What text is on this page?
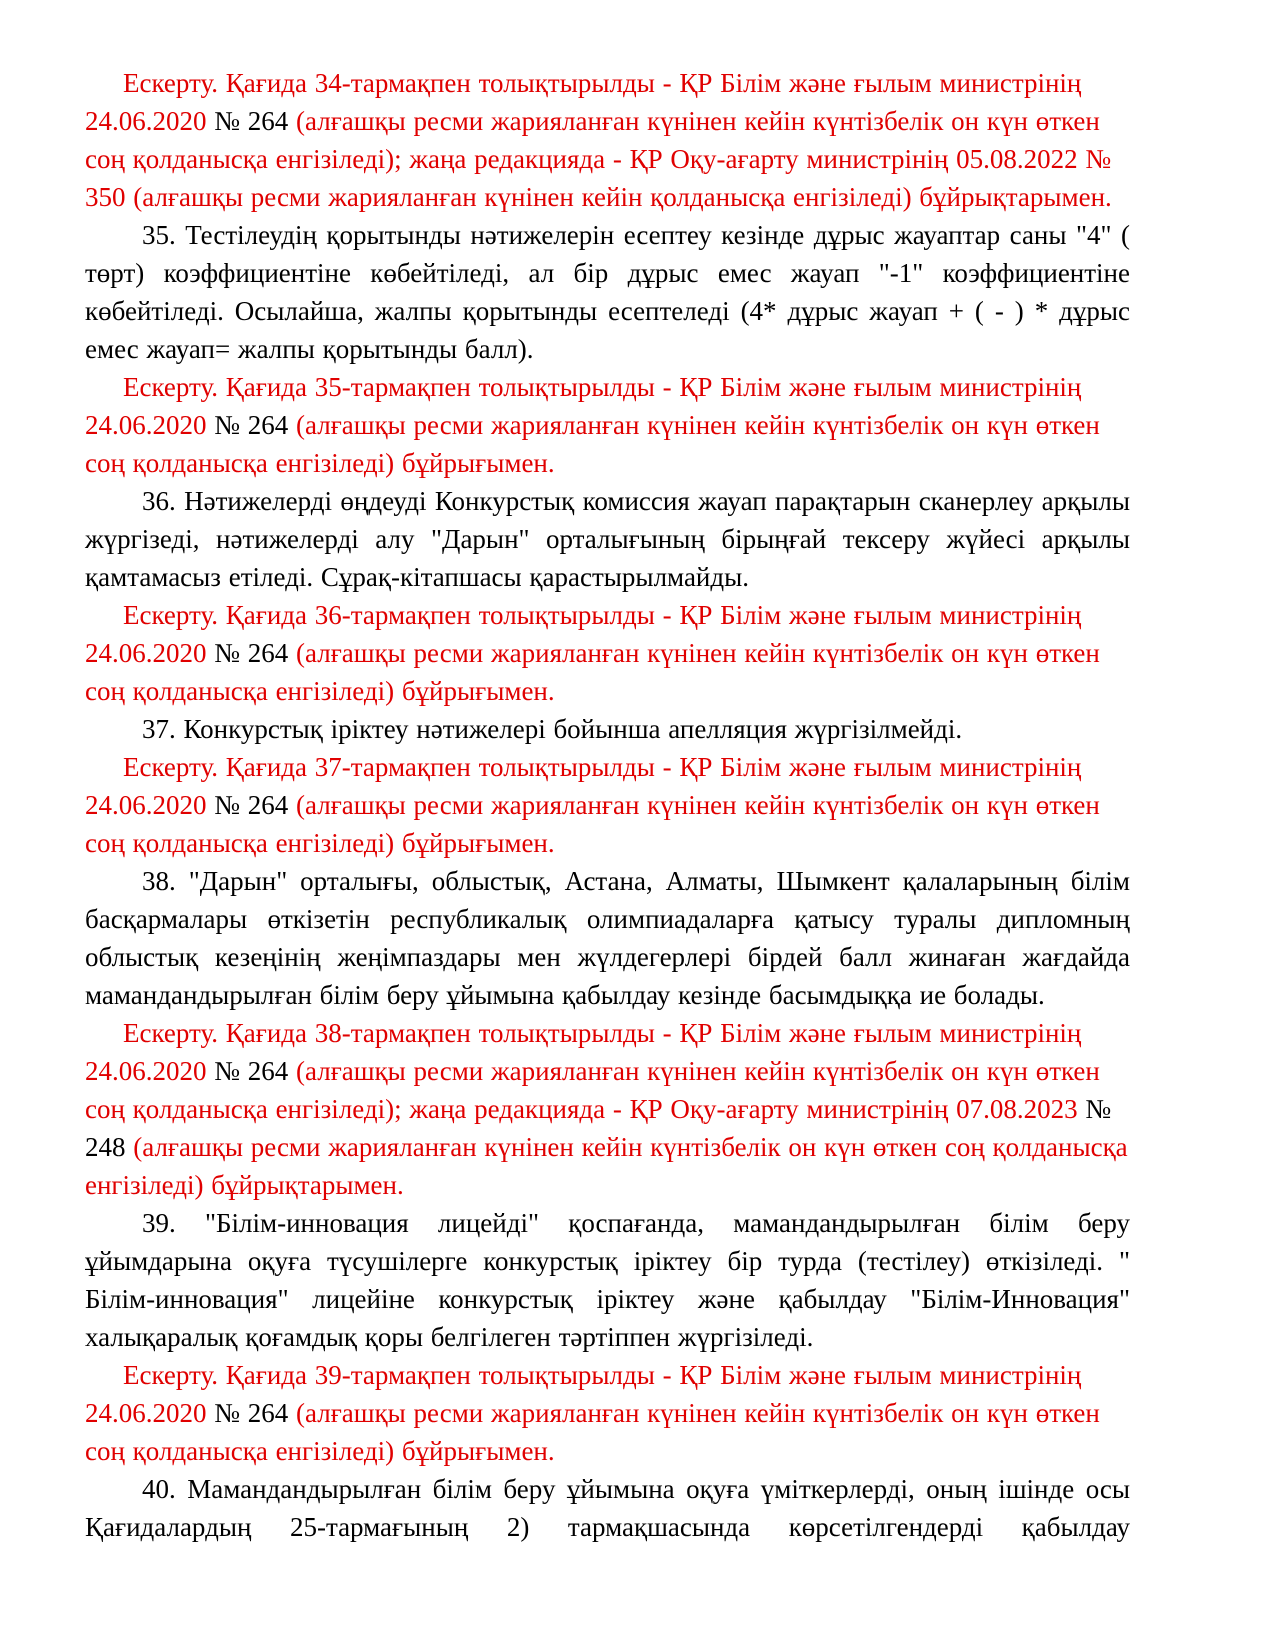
Ескерту. Қағида 34-тармақпен толықтырылды - ҚР Білім және ғылым министрінің 24.06.2020 № 264 (алғашқы ресми жарияланған күнінен кейін күнтізбелік он күн өткен соң қолданысқа енгізіледі); жаңа редакцияда - ҚР Оқу-ағарту министрінің 05.08.2022 № 350 (алғашқы ресми жарияланған күнінен кейін қолданысқа енгізіледі) бұйрықтарымен.

35. Тестілеудің қорытынды нәтижелерін есептеу кезінде дұрыс жауаптар саны "4" ( төрт) коэффициентіне көбейтіледі, ал бір дұрыс емес жауап "-1" коэффициентіне көбейтіледі. Осылайша, жалпы қорытынды есептеледі (4* дұрыс жауап + ( - ) * дұрыс емес жауап= жалпы қорытынды балл).

Ескерту. Қағида 35-тармақпен толықтырылды - ҚР Білім және ғылым министрінің 24.06.2020 № 264 (алғашқы ресми жарияланған күнінен кейін күнтізбелік он күн өткен соң қолданысқа енгізіледі) бұйрығымен.

36. Нәтижелерді өңдеуді Конкурстық комиссия жауап парақтарын сканерлеу арқылы жүргізеді, нәтижелерді алу "Дарын" орталығының бірыңғай тексеру жүйесі арқылы қамтамасыз етіледі. Сұрақ-кітапшасы қарастырылмайды.

Ескерту. Қағида 36-тармақпен толықтырылды - ҚР Білім және ғылым министрінің 24.06.2020 № 264 (алғашқы ресми жарияланған күнінен кейін күнтізбелік он күн өткен соң қолданысқа енгізіледі) бұйрығымен.

37. Конкурстық іріктеу нәтижелері бойынша апелляция жүргізілмейді.

Ескерту. Қағида 37-тармақпен толықтырылды - ҚР Білім және ғылым министрінің 24.06.2020 № 264 (алғашқы ресми жарияланған күнінен кейін күнтізбелік он күн өткен соң қолданысқа енгізіледі) бұйрығымен.

38. "Дарын" орталығы, облыстық, Астана, Алматы, Шымкент қалаларының білім басқармалары өткізетін республикалық олимпиадаларға қатысу туралы дипломның облыстық кезеңінің жеңімпаздары мен жүлдегерлері бірдей балл жинаған жағдайда мамандандырылған білім беру ұйымына қабылдау кезінде басымдыққа ие болады.

Ескерту. Қағида 38-тармақпен толықтырылды - ҚР Білім және ғылым министрінің 24.06.2020 № 264 (алғашқы ресми жарияланған күнінен кейін күнтізбелік он күн өткен соң қолданысқа енгізіледі); жаңа редакцияда - ҚР Оқу-ағарту министрінің 07.08.2023 № 248 (алғашқы ресми жарияланған күнінен кейін күнтізбелік он күн өткен соң қолданысқа енгізіледі) бұйрықтарымен.

39. "Білім-инновация лицейді" қоспағанда, мамандандырылған білім беру ұйымдарына оқуға түсушілерге конкурстық іріктеу бір турда (тестілеу) өткізіледі. " Білім-инновация" лицейіне конкурстық іріктеу және қабылдау "Білім-Инновация" халықаралық қоғамдық қоры белгілеген тәртіппен жүргізіледі.

Ескерту. Қағида 39-тармақпен толықтырылды - ҚР Білім және ғылым министрінің 24.06.2020 № 264 (алғашқы ресми жарияланған күнінен кейін күнтізбелік он күн өткен соң қолданысқа енгізіледі) бұйрығымен.

40. Мамандандырылған білім беру ұйымына оқуға үміткерлерді, оның ішінде осы Қағидалардың 25-тармағының 2) тармақшасында көрсетілгендерді қабылдау
